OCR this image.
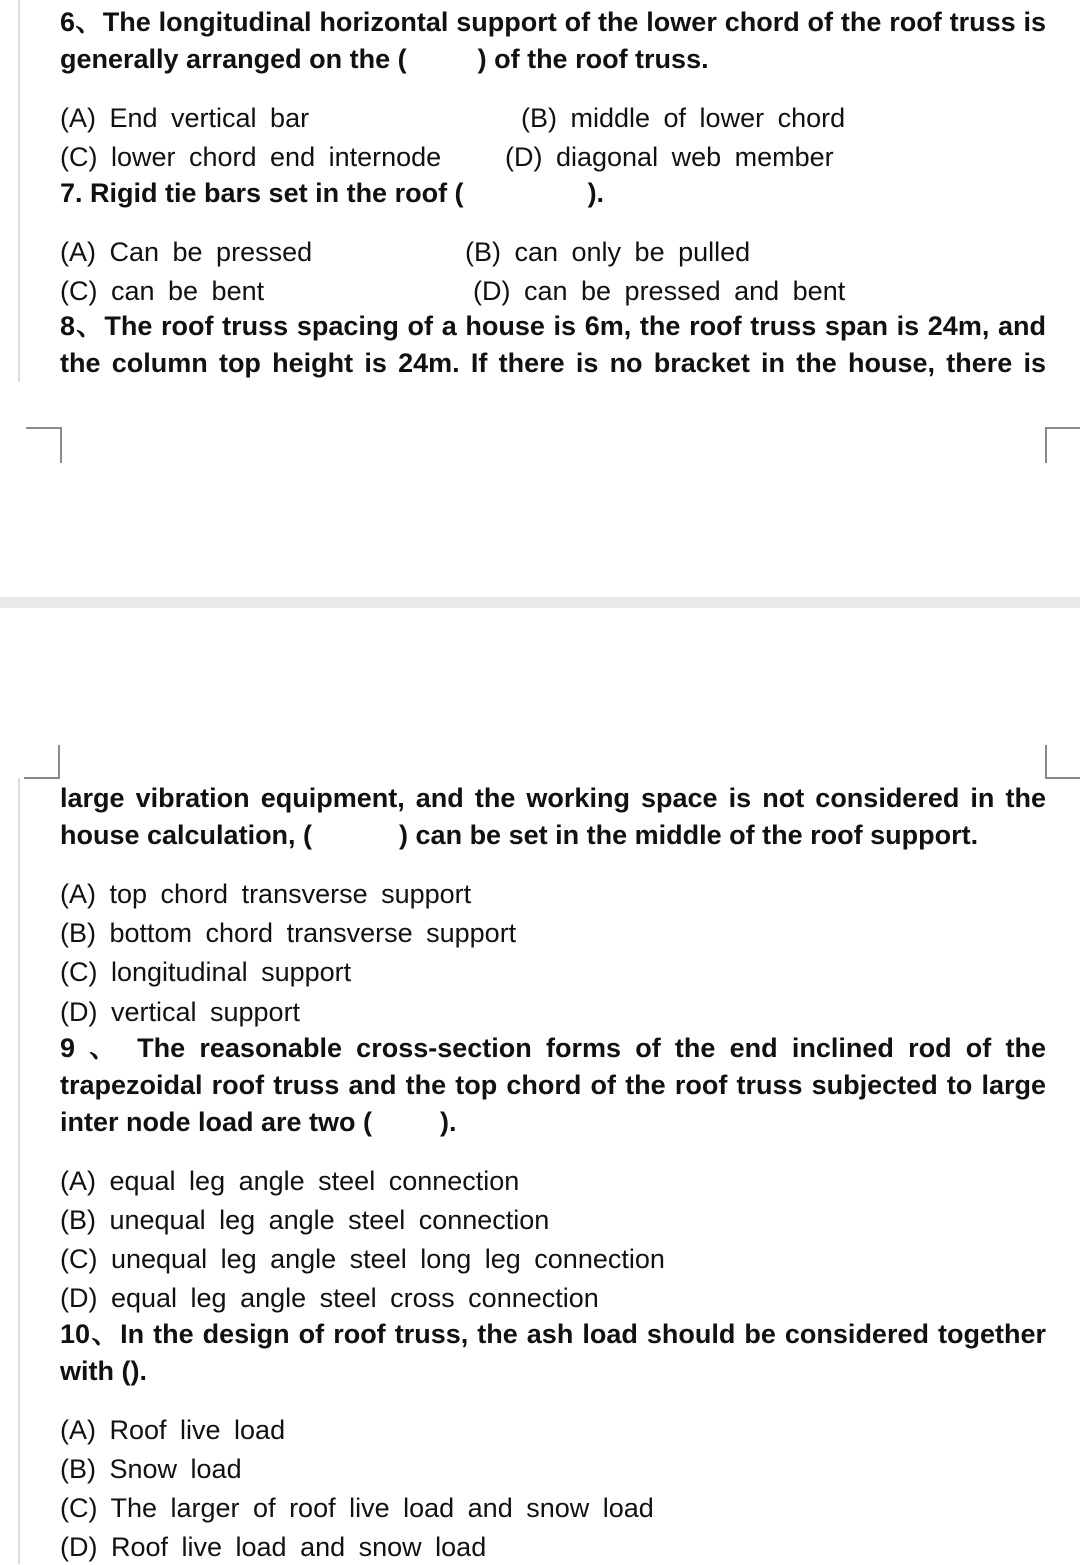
6、The longitudinal horizontal support of the lower chord of the roof truss is
generally arranged on the (	) of the roof truss.
(A) End vertical bar	(B) middle of lower chord
(C) lower chord end internode (D) diagonal web member
7. Rigid tie bars set in the roof (	).
(A) Can be pressed	(B) can only be pulled
(C) can be bent	(D) can be pressed and bent
8、The roof truss spacing of a house is 6m, the roof truss span is 24m, and
the column top height is 24m. If there is no bracket in the house, there is
large vibration equipment, and the working space is not considered in the
house calculation, (	) can be set in the middle of the roof support.
(A) top chord transverse support
(B) bottom chord transverse support
(C) longitudinal support
(D) vertical support
9 、 The reasonable cross-section forms of the end inclined rod of the
trapezoidal roof truss and the top chord of the roof truss subjected to large
inter node load are two (	).
(A) equal leg angle steel connection
(B) unequal leg angle steel connection
(C) unequal leg angle steel long leg connection
(D) equal leg angle steel cross connection
10、In the design of roof truss, the ash load should be considered together
with ().
(A) Roof live load
(B) Snow load
(C) The larger of roof live load and snow load
(D) Roof live load and snow load
